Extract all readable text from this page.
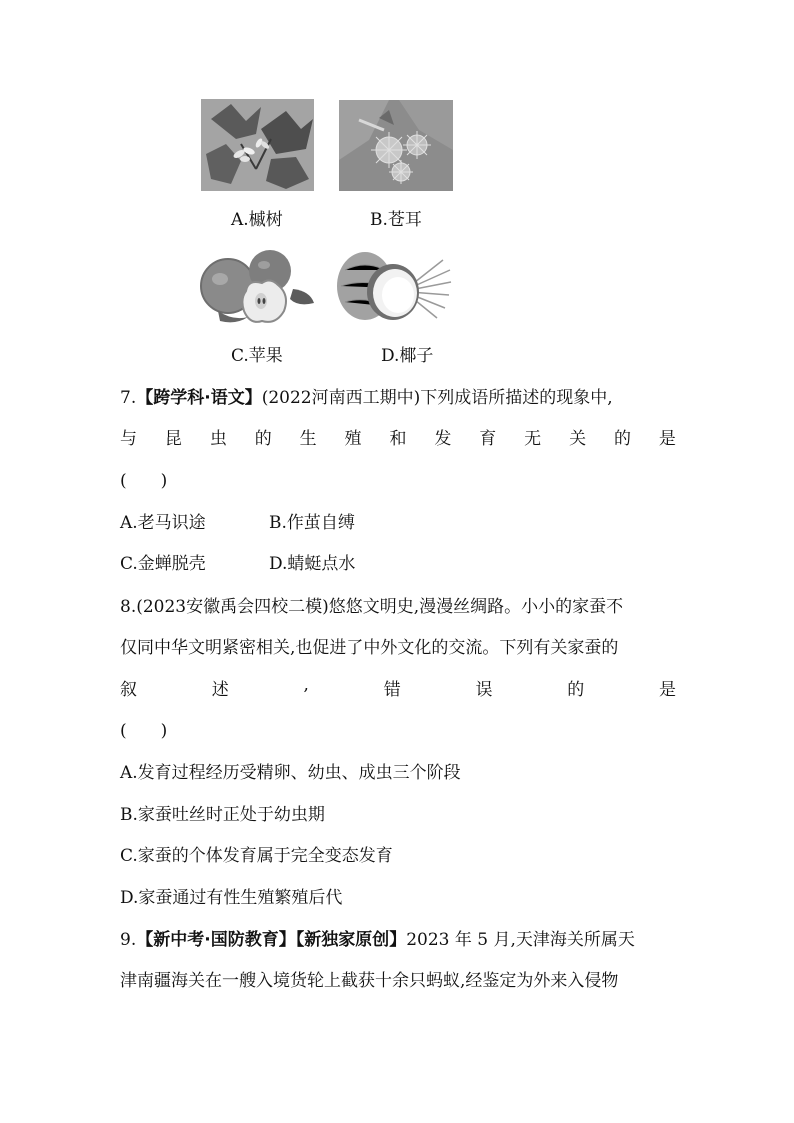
A.槭树	B.苍耳
C.苹果	D.椰子
7.【跨学科·语文】(2022河南西工期中)下列成语所描述的现象中,
与 昆 虫 的 生 殖 和 发 育 无 关 的 是
(　　)
A.老马识途	B.作茧自缚
C.金蝉脱壳	D.蜻蜓点水
8.(2023安徽禹会四校二模)悠悠文明史,漫漫丝绸路。小小的家蚕不
仅同中华文明紧密相关,也促进了中外文化的交流。下列有关家蚕的
叙	述	,	错	误	的	是
(　　)
A.发育过程经历受精卵、幼虫、成虫三个阶段
B.家蚕吐丝时正处于幼虫期
C.家蚕的个体发育属于完全变态发育
D.家蚕通过有性生殖繁殖后代
9.【新中考·国防教育】【新独家原创】2023 年 5 月,天津海关所属天
津南疆海关在一艘入境货轮上截获十余只蚂蚁,经鉴定为外来入侵物
